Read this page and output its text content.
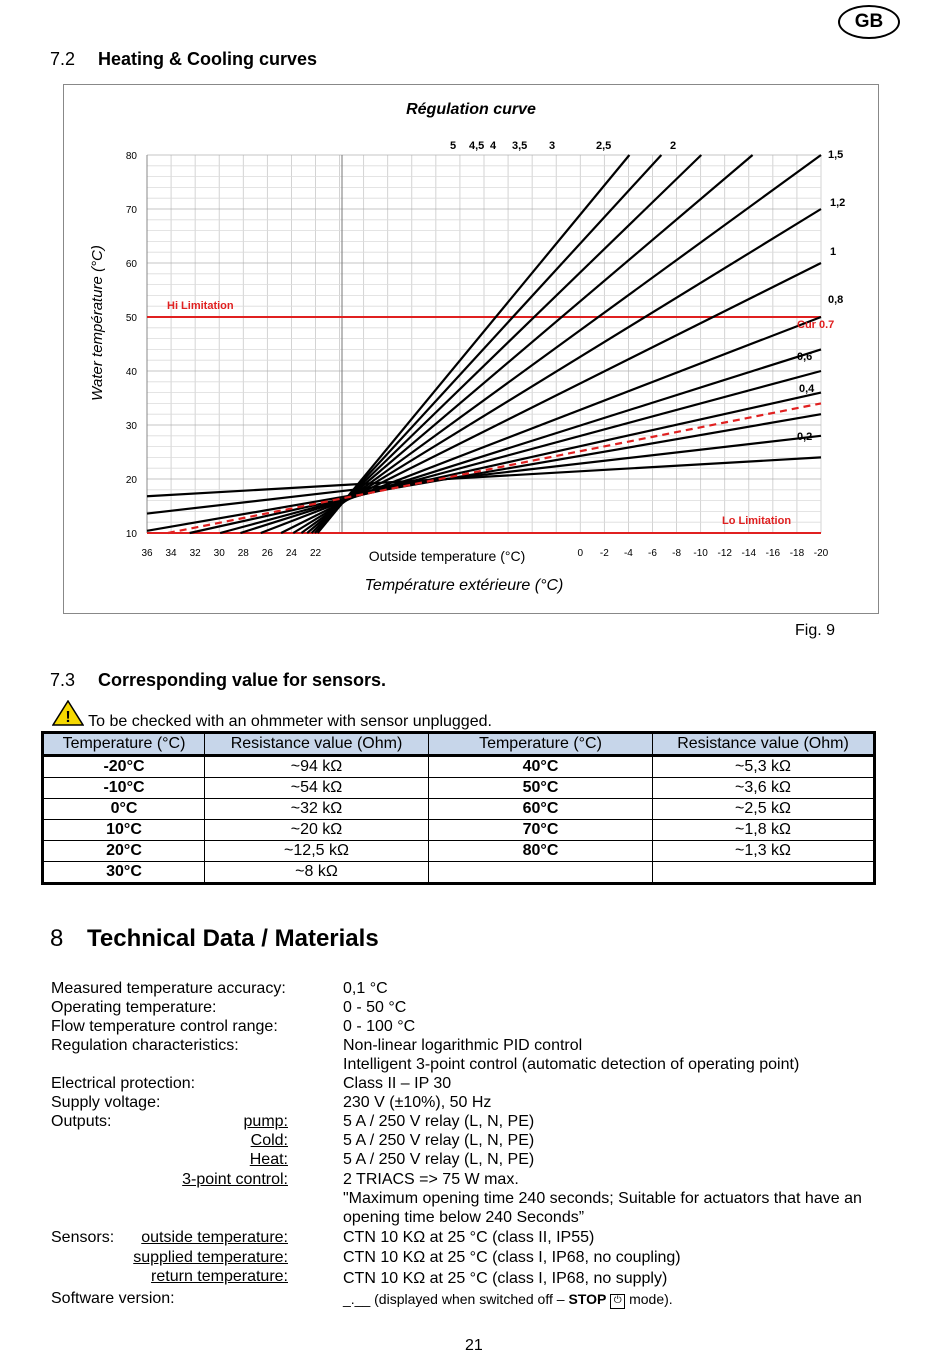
GB
7.2 Heating & Cooling curves
Hi Limitation
Lo Limitation
5 4,5 4 3,5 3	2,5	2
1,5
1,2
1
0,8
0,6
0,4
0,2
Cur 0.7
Régulation curve
Water température (°C)
Température extérieure (°C)
Outside temperature (°C)
10
20
30
40
50
60
70
80
36 34 32 30 28 26 24 22	0 -2 -4 -6 -8 -10 -12 -14 -16 -18 -20
Fig. 9
7.3 Corresponding value for sensors.
! To be checked with an ohmmeter with sensor unplugged.
Temperature (°C)	Resistance value (Ohm)	Temperature (°C)	Resistance value (Ohm)
-20°C	~94 kΩ	40°C	~5,3 kΩ
-10°C	~54 kΩ	50°C	~3,6 kΩ
0°C	~32 kΩ	60°C	~2,5 kΩ
10°C	~20 kΩ	70°C	~1,8 kΩ
20°C	~12,5 kΩ	80°C	~1,3 kΩ
30°C	~8 kΩ		
8 Technical Data / Materials
Measured temperature accuracy:	0,1 °C
Operating temperature:	0 - 50 °C
Flow temperature control range:	0 - 100 °C
Regulation characteristics:	Non-linear logarithmic PID control
Intelligent 3-point control (automatic detection of operating point)
Electrical protection:	Class II – IP 30
Supply voltage:	230 V (±10%), 50 Hz
Outputs:	pump:	5 A / 250 V relay (L, N, PE)
Cold:	5 A / 250 V relay (L, N, PE)
Heat:	5 A / 250 V relay (L, N, PE)
3-point control:	2 TRIACS => 75 W max.
"Maximum opening time 240 seconds; Suitable for actuators that have an
opening time below 240 Seconds”
Sensors:	outside temperature:	CTN 10 KΩ at 25 °C (class II, IP55)
supplied temperature:	CTN 10 KΩ at 25 °C (class I, IP68, no coupling)
return temperature:	CTN 10 KΩ at 25 °C (class I, IP68, no supply)
Software version:	_.__ (displayed when switched off – STOP ⏻ mode).
21
